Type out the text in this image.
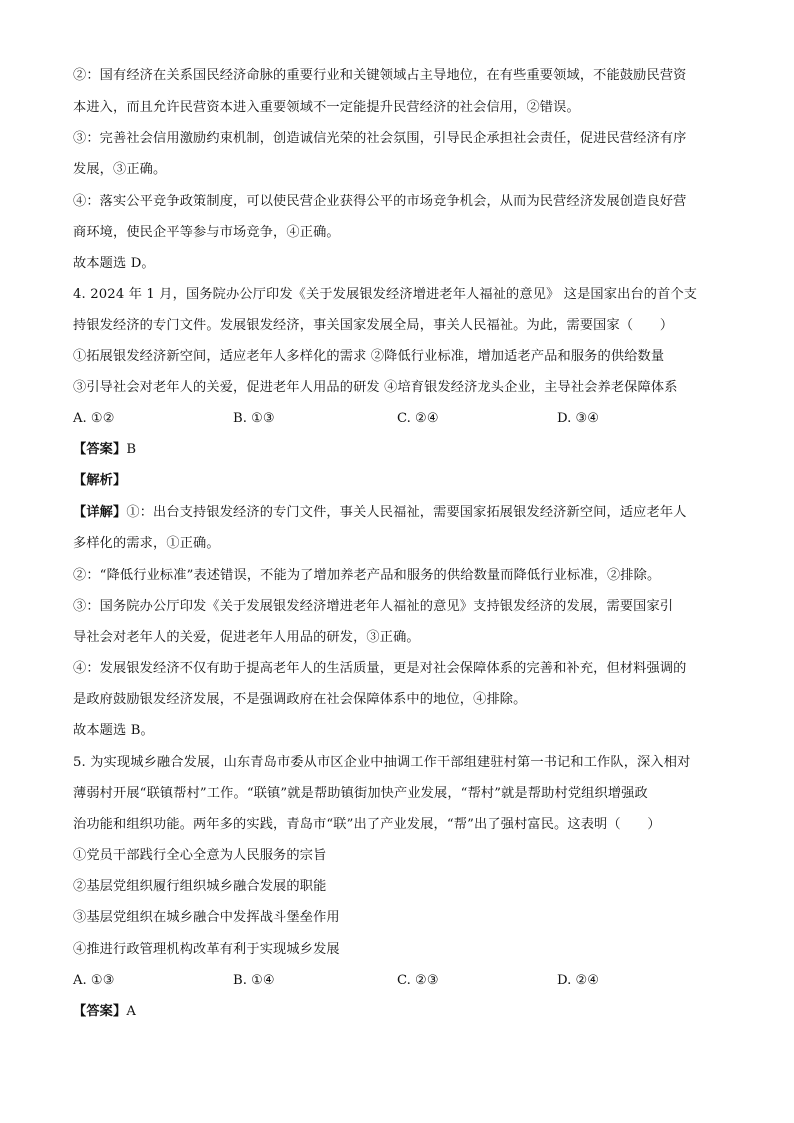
②：国有经济在关系国民经济命脉的重要行业和关键领域占主导地位，在有些重要领域，不能鼓励民营资
本进入，而且允许民营资本进入重要领域不一定能提升民营经济的社会信用，②错误。
③：完善社会信用激励约束机制，创造诚信光荣的社会氛围，引导民企承担社会责任，促进民营经济有序
发展，③正确。
④：落实公平竞争政策制度，可以使民营企业获得公平的市场竞争机会，从而为民营经济发展创造良好营
商环境，使民企平等参与市场竞争，④正确。
故本题选 D。
4. 2024 年 1 月，国务院办公厅印发《关于发展银发经济增进老年人福祉的意见》 这是国家出台的首个支
持银发经济的专门文件。发展银发经济，事关国家发展全局，事关人民福祉。为此，需要国家（　　）
①拓展银发经济新空间，适应老年人多样化的需求 ②降低行业标准，增加适老产品和服务的供给数量
③引导社会对老年人的关爱，促进老年人用品的研发 ④培育银发经济龙头企业，主导社会养老保障体系
A. ①②	B. ①③	C. ②④	D. ③④
【答案】B
【解析】
【详解】①：出台支持银发经济的专门文件，事关人民福祉，需要国家拓展银发经济新空间，适应老年人
多样化的需求，①正确。
②：“降低行业标准”表述错误，不能为了增加养老产品和服务的供给数量而降低行业标准，②排除。
③：国务院办公厅印发《关于发展银发经济增进老年人福祉的意见》支持银发经济的发展，需要国家引
导社会对老年人的关爱，促进老年人用品的研发，③正确。
④：发展银发经济不仅有助于提高老年人的生活质量，更是对社会保障体系的完善和补充，但材料强调的
是政府鼓励银发经济发展，不是强调政府在社会保障体系中的地位，④排除。
故本题选 B。
5. 为实现城乡融合发展，山东青岛市委从市区企业中抽调工作干部组建驻村第一书记和工作队，深入相对
薄弱村开展“联镇帮村”工作。“联镇”就是帮助镇街加快产业发展，“帮村”就是帮助村党组织增强政
治功能和组织功能。两年多的实践，青岛市“联”出了产业发展，“帮”出了强村富民。这表明（　　）
①党员干部践行全心全意为人民服务的宗旨
②基层党组织履行组织城乡融合发展的职能
③基层党组织在城乡融合中发挥战斗堡垒作用
④推进行政管理机构改革有利于实现城乡发展
A. ①③	B. ①④	C. ②③	D. ②④
【答案】A
